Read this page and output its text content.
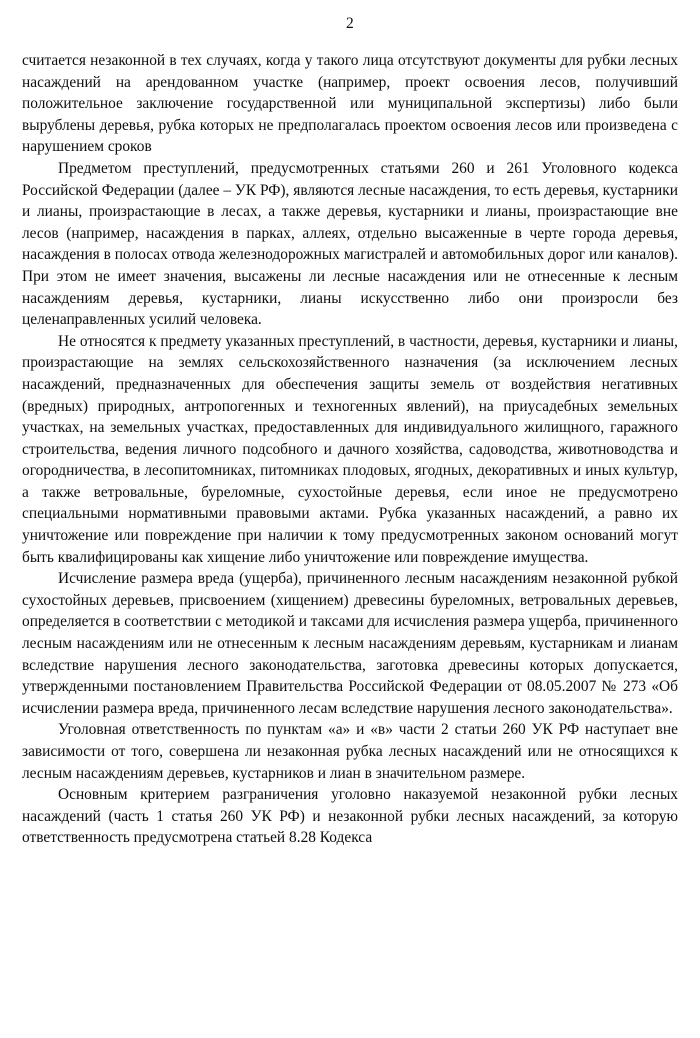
2

считается незаконной в тех случаях, когда у такого лица отсутствуют документы для рубки лесных насаждений на арендованном участке (например, проект освоения лесов, получивший положительное заключение государственной или муниципальной экспертизы) либо были вырублены деревья, рубка которых не предполагалась проектом освоения лесов или произведена с нарушением сроков

Предметом преступлений, предусмотренных статьями 260 и 261 Уголовного кодекса Российской Федерации (далее – УК РФ), являются лесные насаждения, то есть деревья, кустарники и лианы, произрастающие в лесах, а также деревья, кустарники и лианы, произрастающие вне лесов (например, насаждения в парках, аллеях, отдельно высаженные в черте города деревья, насаждения в полосах отвода железнодорожных магистралей и автомобильных дорог или каналов). При этом не имеет значения, высажены ли лесные насаждения или не отнесенные к лесным насаждениям деревья, кустарники, лианы искусственно либо они произросли без целенаправленных усилий человека.

Не относятся к предмету указанных преступлений, в частности, деревья, кустарники и лианы, произрастающие на землях сельскохозяйственного назначения (за исключением лесных насаждений, предназначенных для обеспечения защиты земель от воздействия негативных (вредных) природных, антропогенных и техногенных явлений), на приусадебных земельных участках, на земельных участках, предоставленных для индивидуального жилищного, гаражного строительства, ведения личного подсобного и дачного хозяйства, садоводства, животноводства и огородничества, в лесопитомниках, питомниках плодовых, ягодных, декоративных и иных культур, а также ветровальные, буреломные, сухостойные деревья, если иное не предусмотрено специальными нормативными правовыми актами. Рубка указанных насаждений, а равно их уничтожение или повреждение при наличии к тому предусмотренных законом оснований могут быть квалифицированы как хищение либо уничтожение или повреждение имущества.

Исчисление размера вреда (ущерба), причиненного лесным насаждениям незаконной рубкой сухостойных деревьев, присвоением (хищением) древесины буреломных, ветровальных деревьев, определяется в соответствии с методикой и таксами для исчисления размера ущерба, причиненного лесным насаждениям или не отнесенным к лесным насаждениям деревьям, кустарникам и лианам вследствие нарушения лесного законодательства, заготовка древесины которых допускается, утвержденными постановлением Правительства Российской Федерации от 08.05.2007 № 273 «Об исчислении размера вреда, причиненного лесам вследствие нарушения лесного законодательства».

Уголовная ответственность по пунктам «а» и «в» части 2 статьи 260 УК РФ наступает вне зависимости от того, совершена ли незаконная рубка лесных насаждений или не относящихся к лесным насаждениям деревьев, кустарников и лиан в значительном размере.

Основным критерием разграничения уголовно наказуемой незаконной рубки лесных насаждений (часть 1 статья 260 УК РФ) и незаконной рубки лесных насаждений, за которую ответственность предусмотрена статьей 8.28 Кодекса
